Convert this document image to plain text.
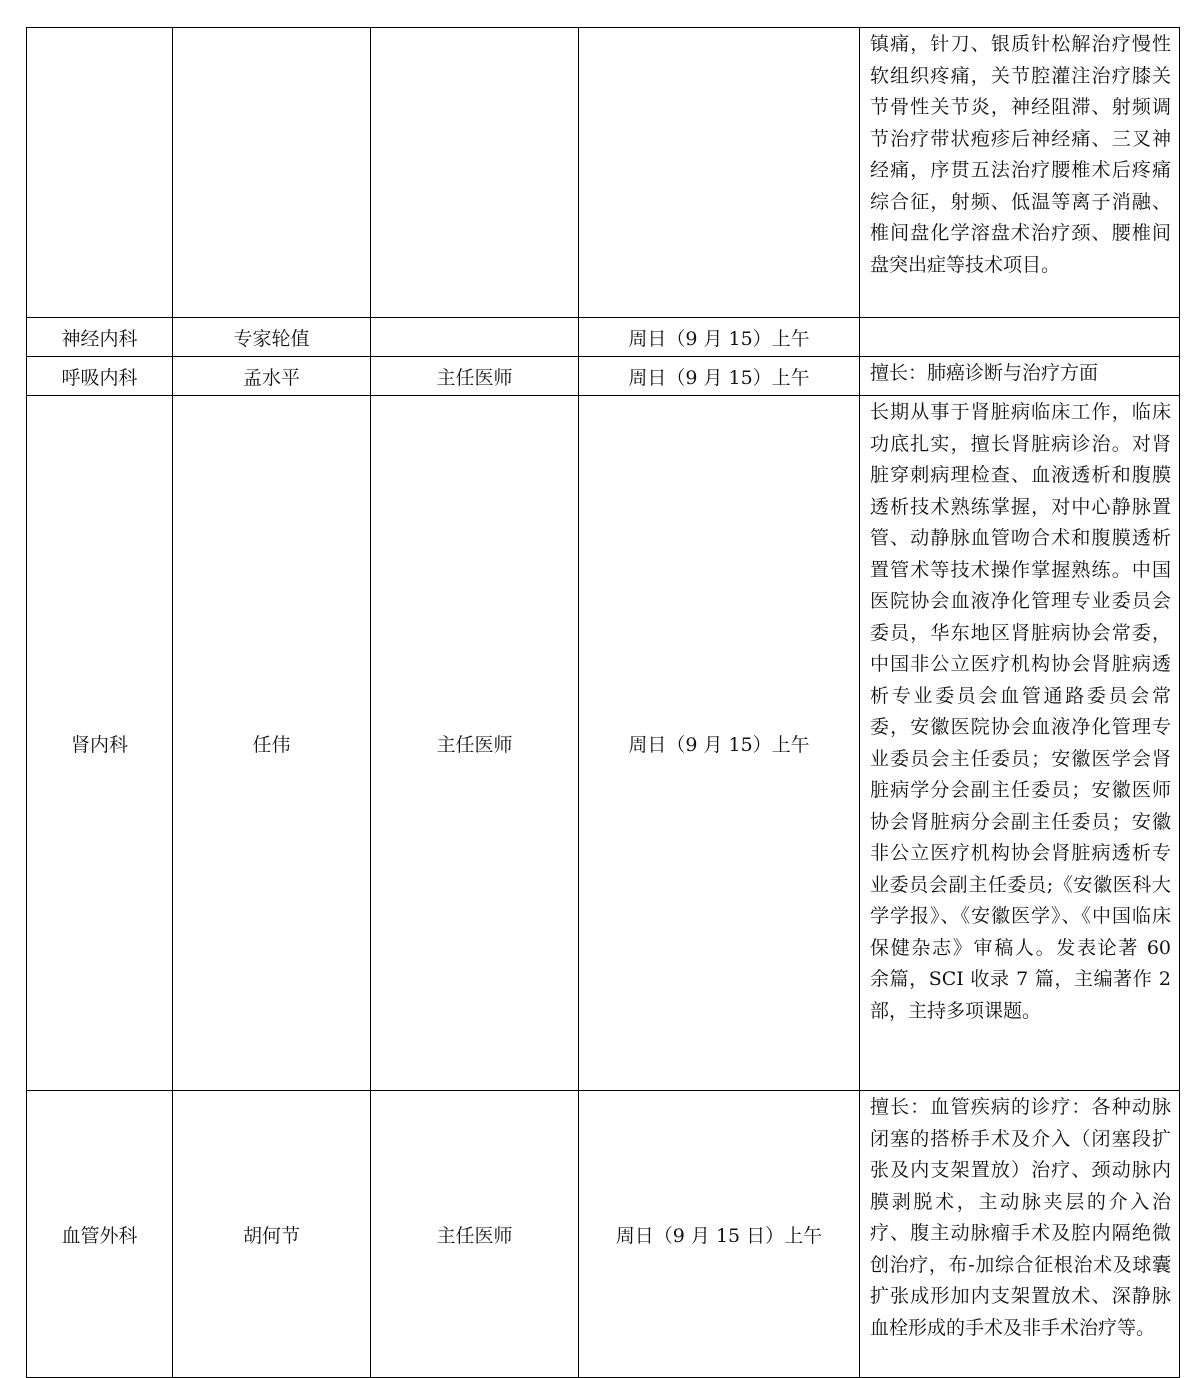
				镇痛，针刀、银质针松解治疗慢性软组织疼痛，关节腔灌注治疗膝关节骨性关节炎，神经阻滞、射频调节治疗带状疱疹后神经痛、三叉神经痛，序贯五法治疗腰椎术后疼痛综合征，射频、低温等离子消融、椎间盘化学溶盘术治疗颈、腰椎间盘突出症等技术项目。
神经内科	专家轮值		周日（9 月 15）上午	
呼吸内科	孟水平	主任医师	周日（9 月 15）上午	擅长：肺癌诊断与治疗方面
肾内科	任伟	主任医师	周日（9 月 15）上午	长期从事于肾脏病临床工作，临床功底扎实，擅长肾脏病诊治。对肾脏穿刺病理检查、血液透析和腹膜透析技术熟练掌握，对中心静脉置管、动静脉血管吻合术和腹膜透析置管术等技术操作掌握熟练。中国医院协会血液净化管理专业委员会委员，华东地区肾脏病协会常委，中国非公立医疗机构协会肾脏病透析专业委员会血管通路委员会常委，安徽医院协会血液净化管理专业委员会主任委员；安徽医学会肾脏病学分会副主任委员；安徽医师协会肾脏病分会副主任委员；安徽非公立医疗机构协会肾脏病透析专业委员会副主任委员;《安徽医科大学学报》、《安徽医学》、《中国临床保健杂志》审稿人。发表论著 60 余篇，SCI 收录 7 篇，主编著作 2 部，主持多项课题。
血管外科	胡何节	主任医师	周日（9 月 15 日）上午	擅长：血管疾病的诊疗：各种动脉闭塞的搭桥手术及介入（闭塞段扩张及内支架置放）治疗、颈动脉内膜剥脱术，主动脉夹层的介入治疗、腹主动脉瘤手术及腔内隔绝微创治疗，布-加综合征根治术及球囊扩张成形加内支架置放术、深静脉血栓形成的手术及非手术治疗等。
